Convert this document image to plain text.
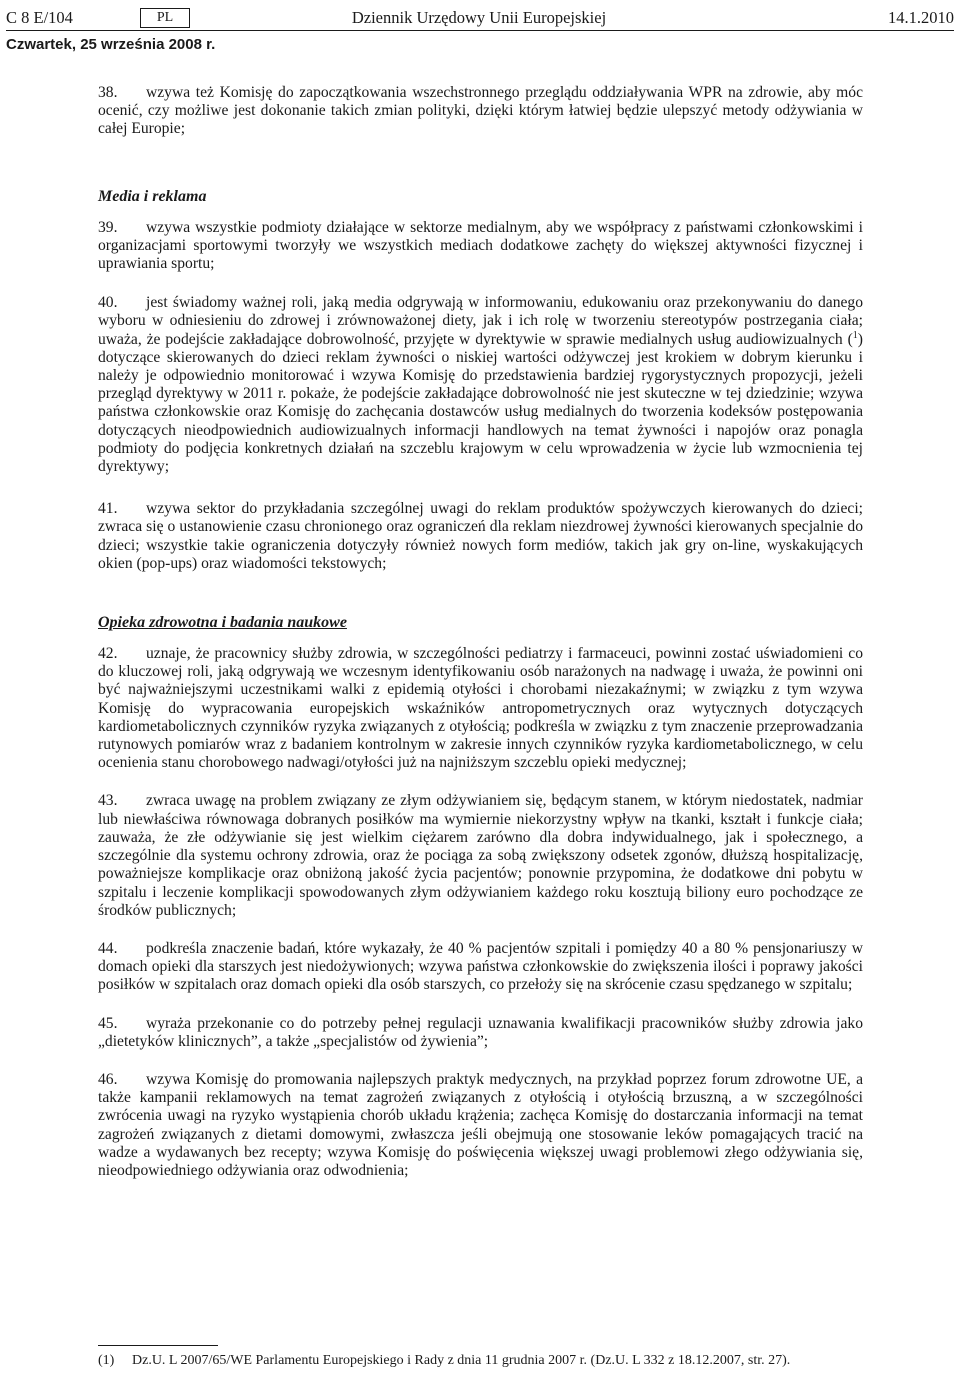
C 8 E/104	PL	Dziennik Urzędowy Unii Europejskiej	14.1.2010
Czwartek, 25 września 2008 r.

38. wzywa też Komisję do zapoczątkowania wszechstronnego przeglądu oddziaływania WPR na zdrowie, aby móc ocenić, czy możliwe jest dokonanie takich zmian polityki, dzięki którym łatwiej będzie ulepszyć metody odżywiania w całej Europie;

Media i reklama

39. wzywa wszystkie podmioty działające w sektorze medialnym, aby we współpracy z państwami członkowskimi i organizacjami sportowymi tworzyły we wszystkich mediach dodatkowe zachęty do większej aktywności fizycznej i uprawiania sportu;

40. jest świadomy ważnej roli, jaką media odgrywają w informowaniu, edukowaniu oraz przekonywaniu do danego wyboru w odniesieniu do zdrowej i zrównoważonej diety, jak i ich rolę w tworzeniu stereotypów postrzegania ciała; uważa, że podejście zakładające dobrowolność, przyjęte w dyrektywie w sprawie medialnych usług audiowizualnych ($^1$) dotyczące skierowanych do dzieci reklam żywności o niskiej wartości odżywczej jest krokiem w dobrym kierunku i należy je odpowiednio monitorować i wzywa Komisję do przedstawienia bardziej rygorystycznych propozycji, jeżeli przegląd dyrektywy w 2011 r. pokaże, że podejście zakładające dobrowolność nie jest skuteczne w tej dziedzinie; wzywa państwa członkowskie oraz Komisję do zachęcania dostawców usług medialnych do tworzenia kodeksów postępowania dotyczących nieodpowiednich audiowizualnych informacji handlowych na temat żywności i napojów oraz ponagla podmioty do podjęcia konkretnych działań na szczeblu krajowym w celu wprowadzenia w życie lub wzmocnienia tej dyrektywy;

41. wzywa sektor do przykładania szczególnej uwagi do reklam produktów spożywczych kierowanych do dzieci; zwraca się o ustanowienie czasu chronionego oraz ograniczeń dla reklam niezdrowej żywności kierowanych specjalnie do dzieci; wszystkie takie ograniczenia dotyczyły również nowych form mediów, takich jak gry on-line, wyskakujących okien (pop-ups) oraz wiadomości tekstowych;

Opieka zdrowotna i badania naukowe

42. uznaje, że pracownicy służby zdrowia, w szczególności pediatrzy i farmaceuci, powinni zostać uświadomieni co do kluczowej roli, jaką odgrywają we wczesnym identyfikowaniu osób narażonych na nadwagę i uważa, że powinni oni być najważniejszymi uczestnikami walki z epidemią otyłości i chorobami niezakaźnymi; w związku z tym wzywa Komisję do wypracowania europejskich wskaźników antropometrycznych oraz wytycznych dotyczących kardiometabolicznych czynników ryzyka związanych z otyłością; podkreśla w związku z tym znaczenie przeprowadzania rutynowych pomiarów wraz z badaniem kontrolnym w zakresie innych czynników ryzyka kardiometabolicznego, w celu ocenienia stanu chorobowego nadwagi/otyłości już na najniższym szczeblu opieki medycznej;

43. zwraca uwagę na problem związany ze złym odżywianiem się, będącym stanem, w którym niedostatek, nadmiar lub niewłaściwa równowaga dobranych posiłków ma wymiernie niekorzystny wpływ na tkanki, kształt i funkcje ciała; zauważa, że złe odżywianie się jest wielkim ciężarem zarówno dla dobra indywidualnego, jak i społecznego, a szczególnie dla systemu ochrony zdrowia, oraz że pociąga za sobą zwiększony odsetek zgonów, dłuższą hospitalizację, poważniejsze komplikacje oraz obniżoną jakość życia pacjentów; ponownie przypomina, że dodatkowe dni pobytu w szpitalu i leczenie komplikacji spowodowanych złym odżywianiem każdego roku kosztują biliony euro pochodzące ze środków publicznych;

44. podkreśla znaczenie badań, które wykazały, że 40 % pacjentów szpitali i pomiędzy 40 a 80 % pensjonariuszy w domach opieki dla starszych jest niedożywionych; wzywa państwa członkowskie do zwiększenia ilości i poprawy jakości posiłków w szpitalach oraz domach opieki dla osób starszych, co przełoży się na skrócenie czasu spędzanego w szpitalu;

45. wyraża przekonanie co do potrzeby pełnej regulacji uznawania kwalifikacji pracowników służby zdrowia jako „dietetyków klinicznych”, a także „specjalistów od żywienia”;

46. wzywa Komisję do promowania najlepszych praktyk medycznych, na przykład poprzez forum zdrowotne UE, a także kampanii reklamowych na temat zagrożeń związanych z otyłością i otyłością brzuszną, a w szczególności zwrócenia uwagi na ryzyko wystąpienia chorób układu krążenia; zachęca Komisję do dostarczania informacji na temat zagrożeń związanych z dietami domowymi, zwłaszcza jeśli obejmują one stosowanie leków pomagających tracić na wadze a wydawanych bez recepty; wzywa Komisję do poświęcenia większej uwagi problemowi złego odżywiania się, nieodpowiedniego odżywiania oraz odwodnienia;

(1) Dz.U. L 2007/65/WE Parlamentu Europejskiego i Rady z dnia 11 grudnia 2007 r. (Dz.U. L 332 z 18.12.2007, str. 27).
